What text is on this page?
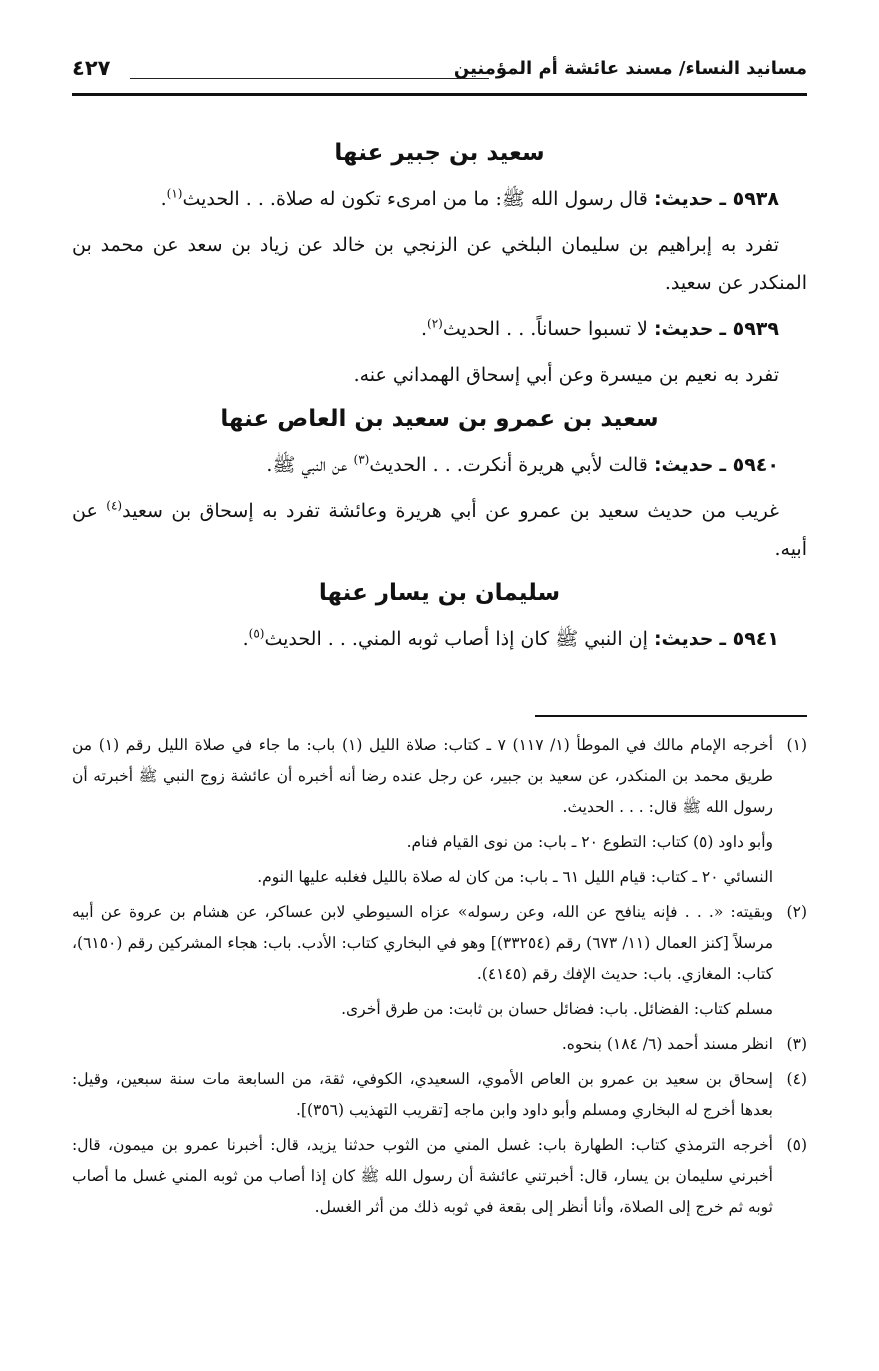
مسانيد النساء/ مسند عائشة أم المؤمنين
٤٢٧
سعيد بن جبير عنها

٥٩٣٨ ـ حديث: قال رسول الله ﷺ: ما من امرىء تكون له صلاة. . . الحديث$^{(١)}$.

تفرد به إبراهيم بن سليمان البلخي عن الزنجي بن خالد عن زياد بن سعد عن محمد بن المنكدر عن سعيد.

٥٩٣٩ ـ حديث: لا تسبوا حساناً. . . الحديث$^{(٢)}$.

تفرد به نعيم بن ميسرة وعن أبي إسحاق الهمداني عنه.

سعيد بن عمرو بن سعيد بن العاص عنها

٥٩٤٠ ـ حديث: قالت لأبي هريرة أنكرت. . . الحديث$^{(٣)}$ عن النبي ﷺ.

غريب من حديث سعيد بن عمرو عن أبي هريرة وعائشة تفرد به إسحاق بن سعيد$^{(٤)}$ عن أبيه.

سليمان بن يسار عنها

٥٩٤١ ـ حديث: إن النبي ﷺ كان إذا أصاب ثوبه المني. . . الحديث$^{(٥)}$.

(١)
أخرجه الإمام مالك في الموطأ (١/ ١١٧) ٧ ـ كتاب: صلاة الليل (١) باب: ما جاء في صلاة الليل رقم (١) من طريق محمد بن المنكدر، عن سعيد بن جبير، عن رجل عنده رضا أنه أخبره أن عائشة زوج النبي ﷺ أخبرته أن رسول الله ﷺ قال: . . . الحديث.
وأبو داود (٥) كتاب: التطوع ٢٠ ـ باب: من نوى القيام فنام.
النسائي ٢٠ ـ كتاب: قيام الليل ٦١ ـ باب: من كان له صلاة بالليل فغلبه عليها النوم.
(٢)
وبقيته: «. . . فإنه ينافح عن الله، وعن رسوله» عزاه السيوطي لابن عساكر، عن هشام بن عروة عن أبيه مرسلاً [كنز العمال (١١/ ٦٧٣) رقم (٣٣٢٥٤)] وهو في البخاري كتاب: الأدب. باب: هجاء المشركين رقم (٦١٥٠)، كتاب: المغازي. باب: حديث الإفك رقم (٤١٤٥).
مسلم كتاب: الفضائل. باب: فضائل حسان بن ثابت: من طرق أخرى.
(٣)
انظر مسند أحمد (٦/ ١٨٤) بنحوه.
(٤)
إسحاق بن سعيد بن عمرو بن العاص الأموي، السعيدي، الكوفي، ثقة، من السابعة مات سنة سبعين، وقيل: بعدها أخرج له البخاري ومسلم وأبو داود وابن ماجه [تقريب التهذيب (٣٥٦)].
(٥)
أخرجه الترمذي كتاب: الطهارة باب: غسل المني من الثوب حدثنا يزيد، قال: أخبرنا عمرو بن ميمون، قال: أخبرني سليمان بن يسار، قال: أخبرتني عائشة أن رسول الله ﷺ كان إذا أصاب من ثوبه المني غسل ما أصاب ثوبه ثم خرج إلى الصلاة، وأنا أنظر إلى بقعة في ثوبه ذلك من أثر الغسل.
